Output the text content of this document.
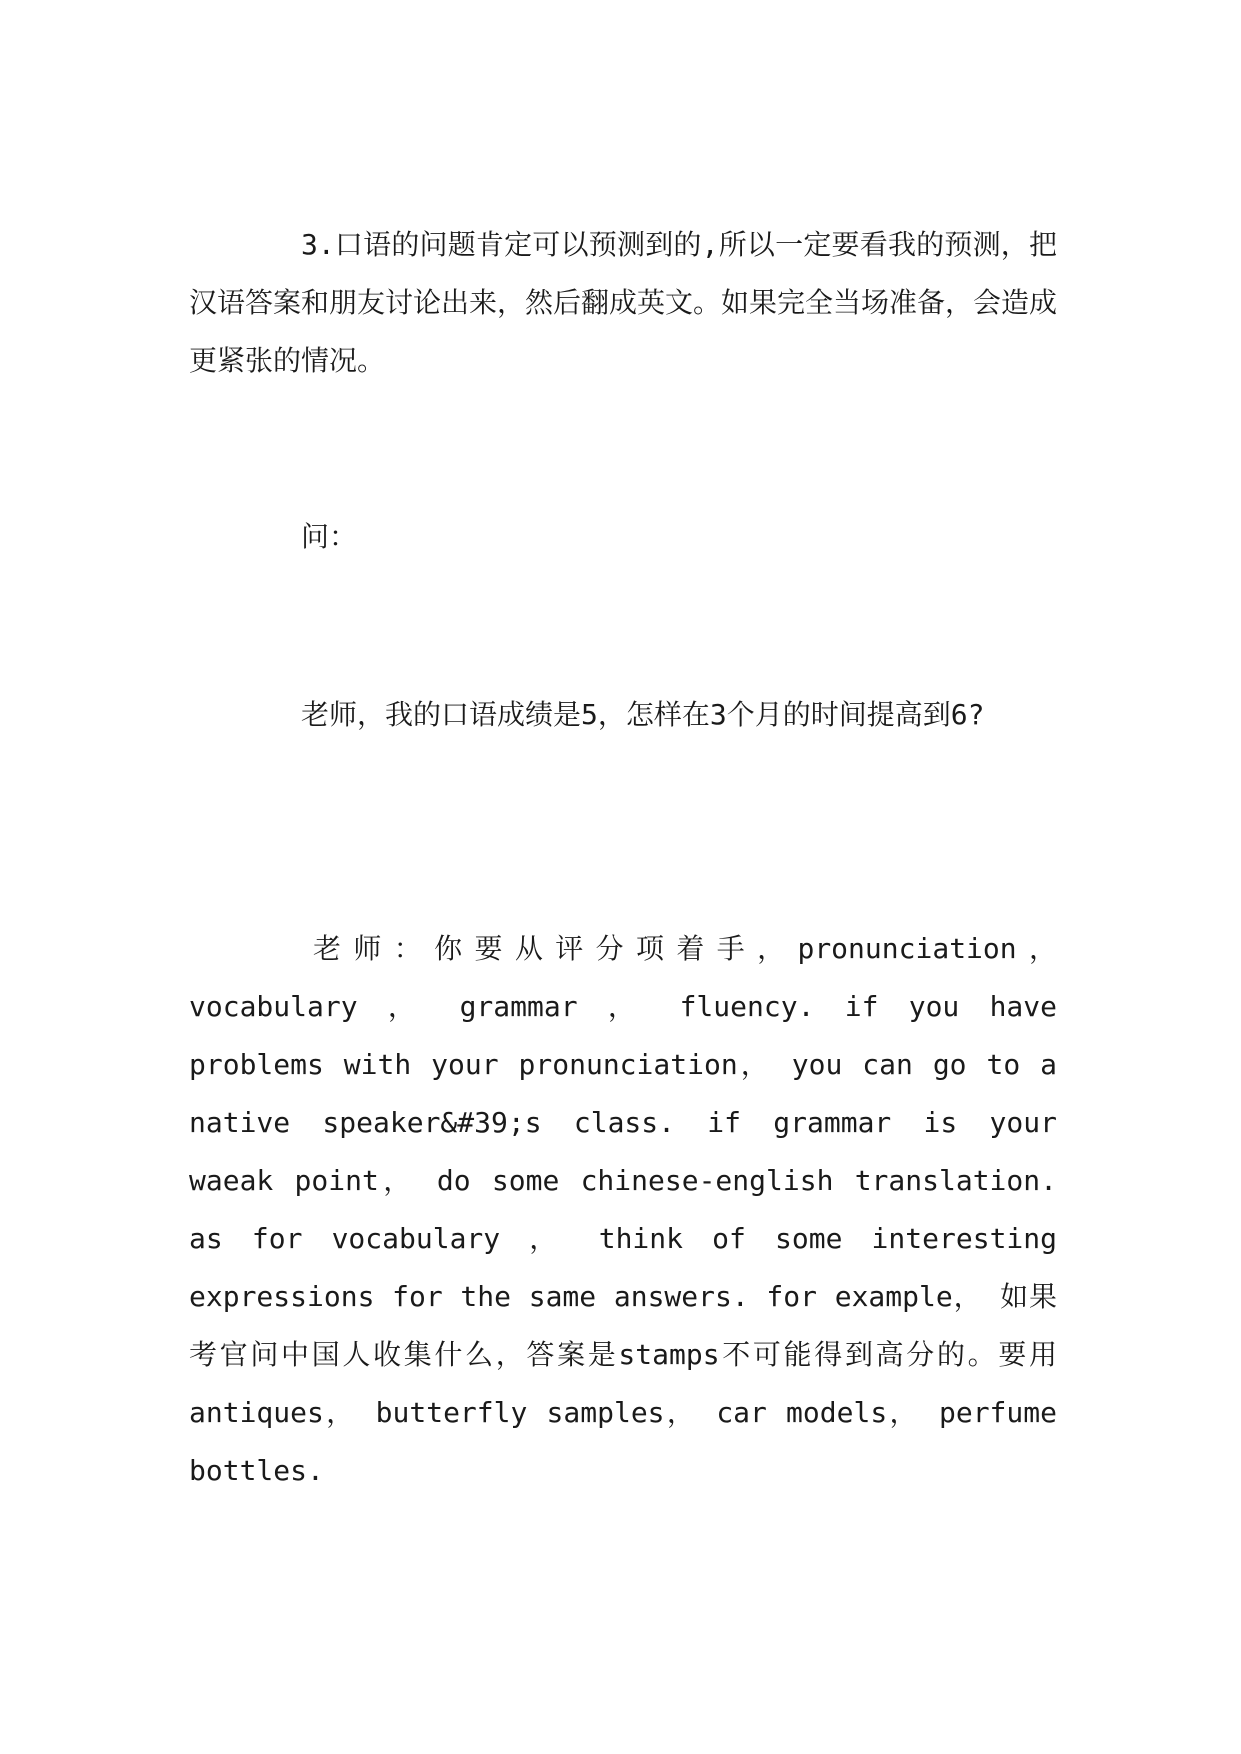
3.口语的问题肯定可以预测到的,所以一定要看我的预测，把汉语答案和朋友讨论出来，然后翻成英文。如果完全当场准备，会造成更紧张的情况。

问：

老师，我的口语成绩是5，怎样在3个月的时间提高到6?

老师：你要从评分项着手，pronunciation，vocabulary ， grammar ， fluency. if you have problems with your pronunciation， you can go to a native speaker&#39;s class. if grammar is your waeak point， do some chinese-english translation. as for vocabulary ， think of some interesting expressions for the same answers. for example， 如果考官问中国人收集什么，答案是stamps不可能得到高分的。要用antiques， butterfly samples， car models， perfume bottles.
